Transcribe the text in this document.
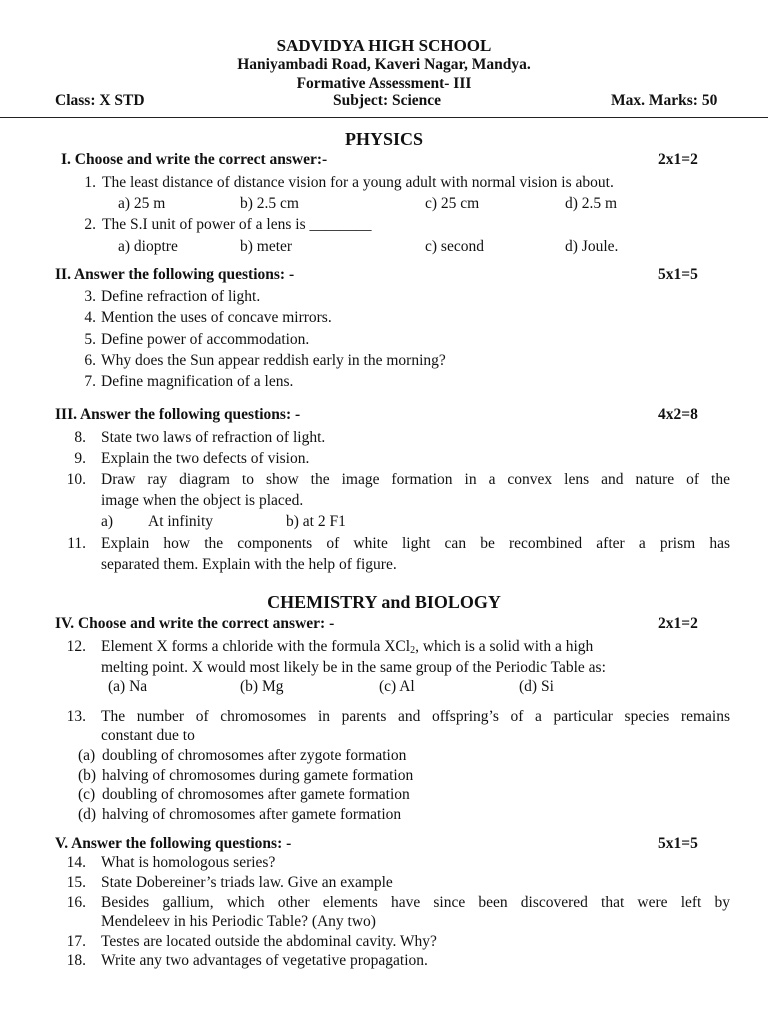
SADVIDYA HIGH SCHOOL
Haniyambadi Road, Kaveri Nagar, Mandya.
Formative Assessment- III
Class: X STD	Subject: Science	Max. Marks: 50
PHYSICS
I. Choose and write the correct answer:-	2x1=2
1. The least distance of distance vision for a young adult with normal vision is about.
a) 25 m	b) 2.5 cm	c) 25 cm	d) 2.5 m
2. The S.I unit of power of a lens is ________
a) dioptre	b) meter	c) second	d) Joule.
II. Answer the following questions: -	5x1=5
3. Define refraction of light.
4. Mention the uses of concave mirrors.
5. Define power of accommodation.
6. Why does the Sun appear reddish early in the morning?
7. Define magnification of a lens.
III. Answer the following questions: -	4x2=8
8. State two laws of refraction of light.
9. Explain the two defects of vision.
10. Draw ray diagram to show the image formation in a convex lens and nature of the
image when the object is placed.
a) At infinity	b) at 2 F1
11. Explain how the components of white light can be recombined after a prism has
separated them. Explain with the help of figure.
CHEMISTRY and BIOLOGY
IV. Choose and write the correct answer: -	2x1=2
12. Element X forms a chloride with the formula XCl$_2$, which is a solid with a high
melting point. X would most likely be in the same group of the Periodic Table as:
(a) Na	(b) Mg	(c) Al	(d) Si
13. The number of chromosomes in parents and offspring’s of a particular species remains
constant due to
(a) doubling of chromosomes after zygote formation
(b) halving of chromosomes during gamete formation
(c) doubling of chromosomes after gamete formation
(d) halving of chromosomes after gamete formation
V. Answer the following questions: -	5x1=5
14. What is homologous series?
15. State Dobereiner’s triads law. Give an example
16. Besides gallium, which other elements have since been discovered that were left by
Mendeleev in his Periodic Table? (Any two)
17. Testes are located outside the abdominal cavity. Why?
18. Write any two advantages of vegetative propagation.
